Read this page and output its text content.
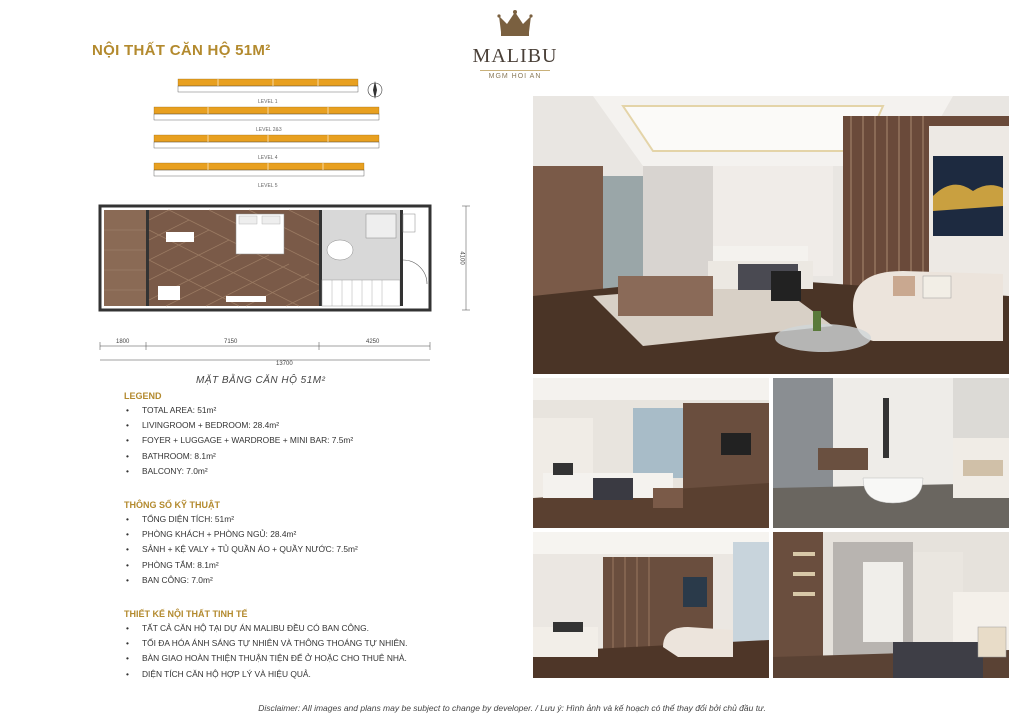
NỘI THẤT CĂN HỘ 51M²	MALIBU
MGM HOI AN
LEVEL 1
LEVEL 2&3
LEVEL 4
LEVEL 5
1800	7150	4250
13700
4100
MẶT BẰNG CĂN HỘ 51M²
LEGEND
• TOTAL AREA: 51m²
• LIVINGROOM + BEDROOM: 28.4m²
• FOYER + LUGGAGE + WARDROBE + MINI BAR: 7.5m²
• BATHROOM: 8.1m²
• BALCONY: 7.0m²
THÔNG SỐ KỸ THUẬT
• TỔNG DIỆN TÍCH: 51m²
• PHÒNG KHÁCH + PHÒNG NGỦ: 28.4m²
• SẢNH + KỆ VALY + TỦ QUẦN ÁO + QUẦY NƯỚC: 7.5m²
• PHÒNG TẮM: 8.1m²
• BAN CÔNG: 7.0m²
THIẾT KẾ NỘI THẤT TINH TẾ
• TẤT CẢ CĂN HỘ TẠI DỰ ÁN MALIBU ĐỀU CÓ BAN CÔNG.
• TỐI ĐA HÓA ÁNH SÁNG TỰ NHIÊN VÀ THÔNG THOÁNG TỰ NHIÊN.
• BÀN GIAO HOÀN THIỆN THUẬN TIỆN ĐỂ Ở HOẶC CHO THUÊ NHÀ.
• DIỆN TÍCH CĂN HỘ HỢP LÝ VÀ HIỆU QUẢ.
Disclaimer: All images and plans may be subject to change by developer. / Lưu ý: Hình ảnh và kế hoạch có thể thay đổi bởi chủ đầu tư.
